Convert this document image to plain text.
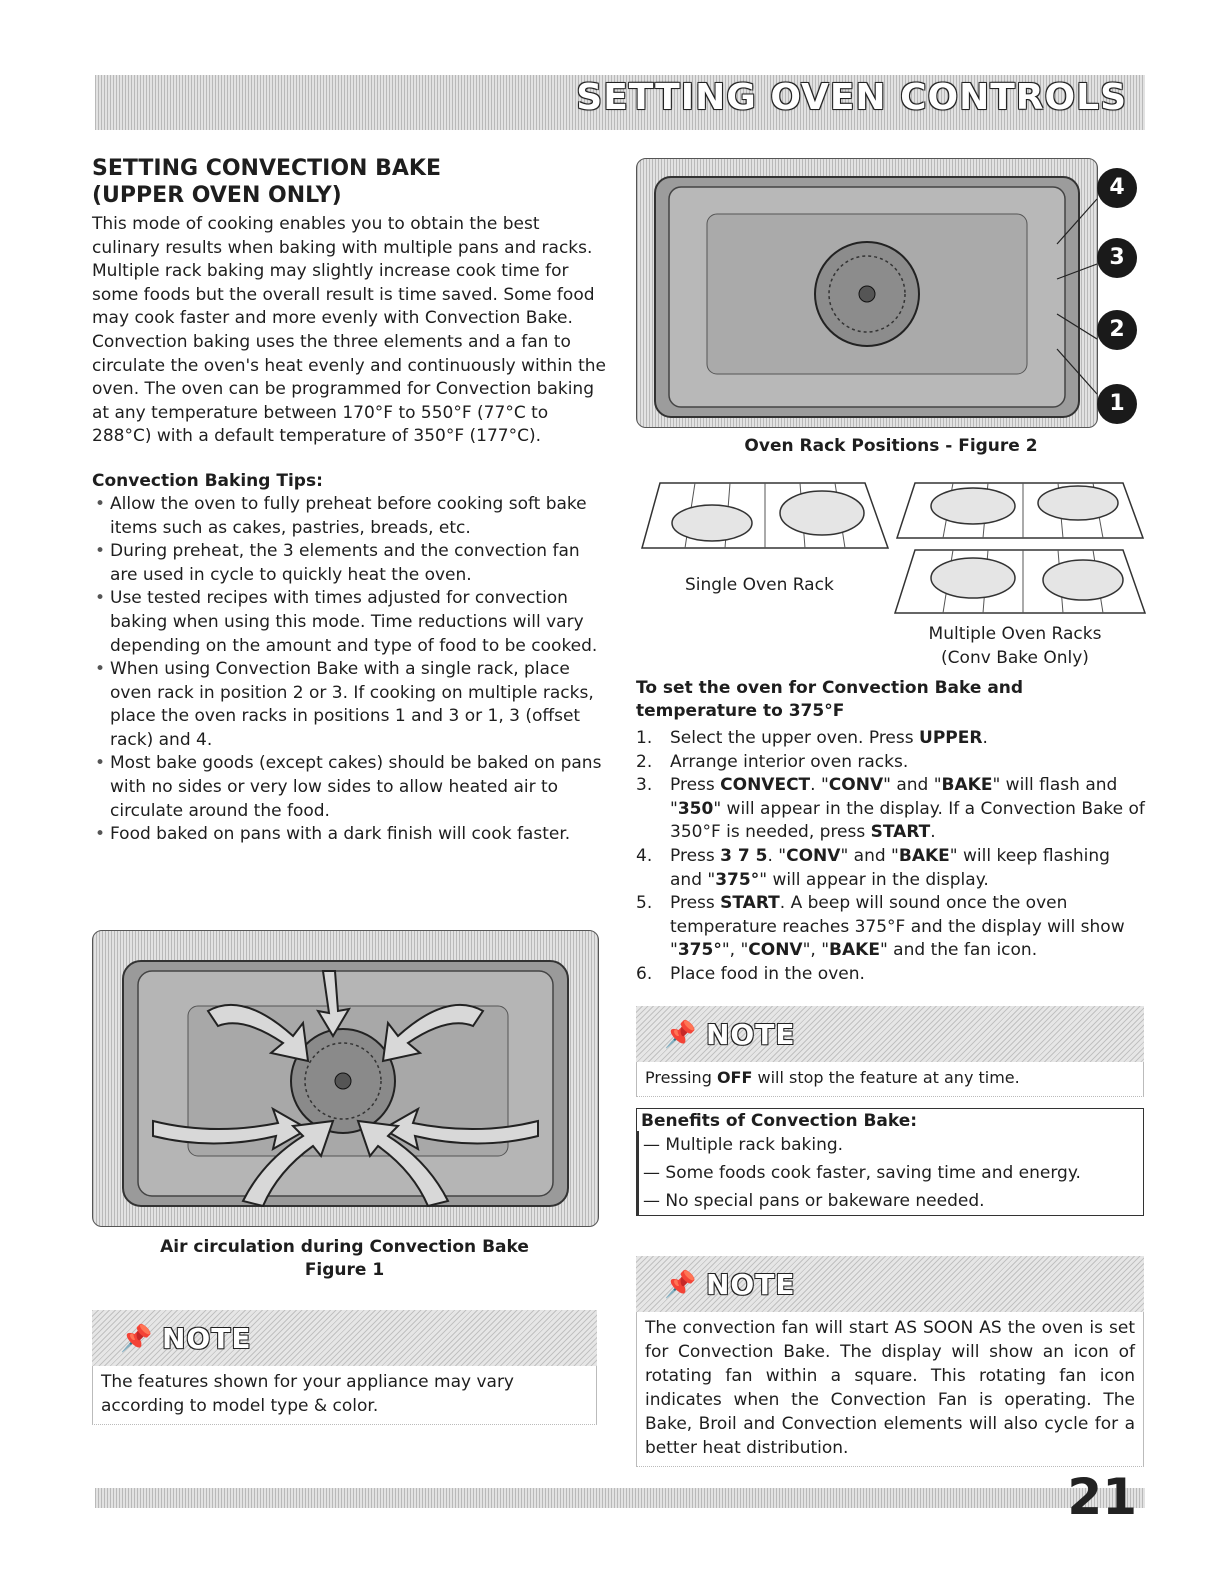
SETTING OVEN CONTROLS
SETTING CONVECTION BAKE
(UPPER OVEN ONLY)

This mode of cooking enables you to obtain the best culinary results when baking with multiple pans and racks. Multiple rack baking may slightly increase cook time for some foods but the overall result is time saved. Some food may cook faster and more evenly with Convection Bake. Convection baking uses the three elements and a fan to circulate the oven's heat evenly and continuously within the oven. The oven can be programmed for Convection baking at any temperature between 170°F to 550°F (77°C to 288°C) with a default temperature of 350°F (177°C).

Convection Baking Tips:
• Allow the oven to fully preheat before cooking soft bake items such as cakes, pastries, breads, etc.
• During preheat, the 3 elements and the convection fan are used in cycle to quickly heat the oven.
• Use tested recipes with times adjusted for convection baking when using this mode. Time reductions will vary depending on the amount and type of food to be cooked.
• When using Convection Bake with a single rack, place oven rack in position 2 or 3. If cooking on multiple racks, place the oven racks in positions 1 and 3 or 1, 3 (offset rack) and 4.
• Most bake goods (except cakes) should be baked on pans with no sides or very low sides to allow heated air to circulate around the food.
• Food baked on pans with a dark finish will cook faster.
Air circulation during Convection Bake
Figure 1
📌 NOTE
The features shown for your appliance may vary according to model type & color.
4
3
2
1
Oven Rack Positions - Figure 2
Single Oven Rack
Multiple Oven Racks
(Conv Bake Only)
To set the oven for Convection Bake and
temperature to 375°F
1. Select the upper oven. Press UPPER.
2. Arrange interior oven racks.
3. Press CONVECT. "CONV" and "BAKE" will flash and "350" will appear in the display. If a Convection Bake of 350°F is needed, press START.
4. Press 3 7 5. "CONV" and "BAKE" will keep flashing and "375°" will appear in the display.
5. Press START. A beep will sound once the oven temperature reaches 375°F and the display will show "375°", "CONV", "BAKE" and the fan icon.
6. Place food in the oven.
📌 NOTE
Pressing OFF will stop the feature at any time.
Benefits of Convection Bake:
— Multiple rack baking.
— Some foods cook faster, saving time and energy.
— No special pans or bakeware needed.
📌 NOTE
The convection fan will start AS SOON AS the oven is set for Convection Bake. The display will show an icon of rotating fan within a square. This rotating fan icon indicates when the Convection Fan is operating. The Bake, Broil and Convection elements will also cycle for a better heat distribution.
21
